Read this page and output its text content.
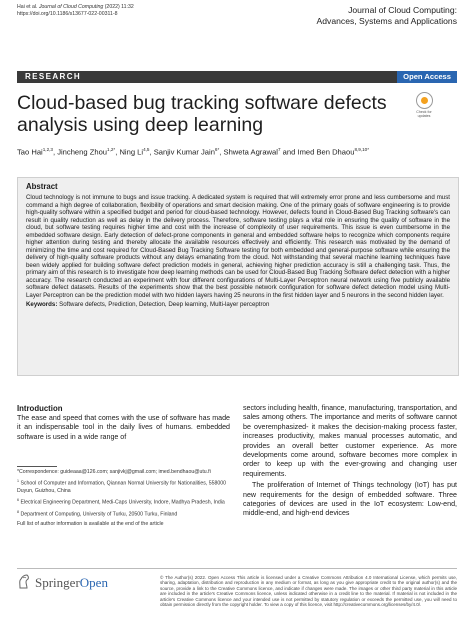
Hai et al. Journal of Cloud Computing (2022) 11:32
https://doi.org/10.1186/s13677-022-00311-8	Journal of Cloud Computing:
Advances, Systems and Applications
RESEARCH	Open Access
Cloud-based bug tracking software defects analysis using deep learning
Check for
updates
Tao Hai$^{1,2,3}$, Jincheng Zhou$^{1,2*}$, Ning Li$^{4,5}$, Sanjiv Kumar Jain$^{6*}$, Shweta Agrawal$^7$ and Imed Ben Dhaou$^{8,9,10*}$
Abstract
Cloud technology is not immune to bugs and issue tracking. A dedicated system is required that will extremely error prone and less cumbersome and must command a high degree of collaboration, flexibility of operations and smart decision making. One of the primary goals of software engineering is to provide high-quality software within a specified budget and period for cloud-based technology. However, defects found in Cloud-Based Bug Tracking software's can result in quality reduction as well as delay in the delivery process. Therefore, software testing plays a vital role in ensuring the quality of software in the cloud, but software testing requires higher time and cost with the increase of complexity of user requirements. This issue is even cumbersome in the embedded software design. Early detection of defect-prone components in general and embedded software helps to recognize which components require higher attention during testing and thereby allocate the available resources effectively and efficiently. This research was motivated by the demand of minimizing the time and cost required for Cloud-Based Bug Tracking Software testing for both embedded and general-purpose software while ensuring the delivery of high-quality software products without any delays emanating from the cloud. Not withstanding that several machine learning techniques have been widely applied for building software defect prediction models in general, achieving higher prediction accuracy is still a challenging task. Thus, the primary aim of this research is to investigate how deep learning methods can be used for Cloud-Based Bug Tracking Software defect detection with a higher accuracy. The research conducted an experiment with four different configurations of Multi-Layer Perceptron neural network using five publicly available software defect datasets. Results of the experiments show that the best possible network configuration for software defect detection model using Multi-Layer Perceptron can be the prediction model with two hidden layers having 25 neurons in the first hidden layer and 5 neurons in the second hidden layer.
Keywords: Software defects, Prediction, Detection, Deep learning, Multi-layer perceptron
Introduction

The ease and speed that comes with the use of software has made it an indispensable tool in the daily lives of humans. embedded software is used in a wide range of

sectors including health, finance, manufacturing, transportation, and sales among others. The importance and merits of software cannot be overemphasized- it makes the decision-making process faster, increases productivity, makes manual processes automatic, and provides an overall better customer experience. As more developments come around, software becomes more complex in order to keep up with the ever-growing and changing user requirements.

The proliferation of Internet of Things technology (IoT) has put new requirements for the design of embedded software. Three categories of devices are used in the IoT ecosystem: Low-end, middle-end, and high-end devices

*Correspondence: guideaaa@126.com; sanjivkj@gmail.com; imed.bendhaou@utu.fi
$^1$ School of Computer and Information, Qiannan Normal University for Nationalities, 558000 Duyun, Guizhou, China
$^6$ Electrical Engineering Department, Medi-Caps University, Indore, Madhya Pradesh, India
$^8$ Department of Computing, University of Turku, 20500 Turku, Finland
Full list of author information is available at the end of the article
SpringerOpen	© The Author(s) 2022. Open Access This article is licensed under a Creative Commons Attribution 4.0 International License, which permits use, sharing, adaptation, distribution and reproduction in any medium or format, as long as you give appropriate credit to the original author(s) and the source, provide a link to the Creative Commons licence, and indicate if changes were made. The images or other third party material in this article are included in the article's Creative Commons licence, unless indicated otherwise in a credit line to the material. If material is not included in the article's Creative Commons licence and your intended use is not permitted by statutory regulation or exceeds the permitted use, you will need to obtain permission directly from the copyright holder. To view a copy of this licence, visit http://creativecommons.org/licenses/by/4.0/.
